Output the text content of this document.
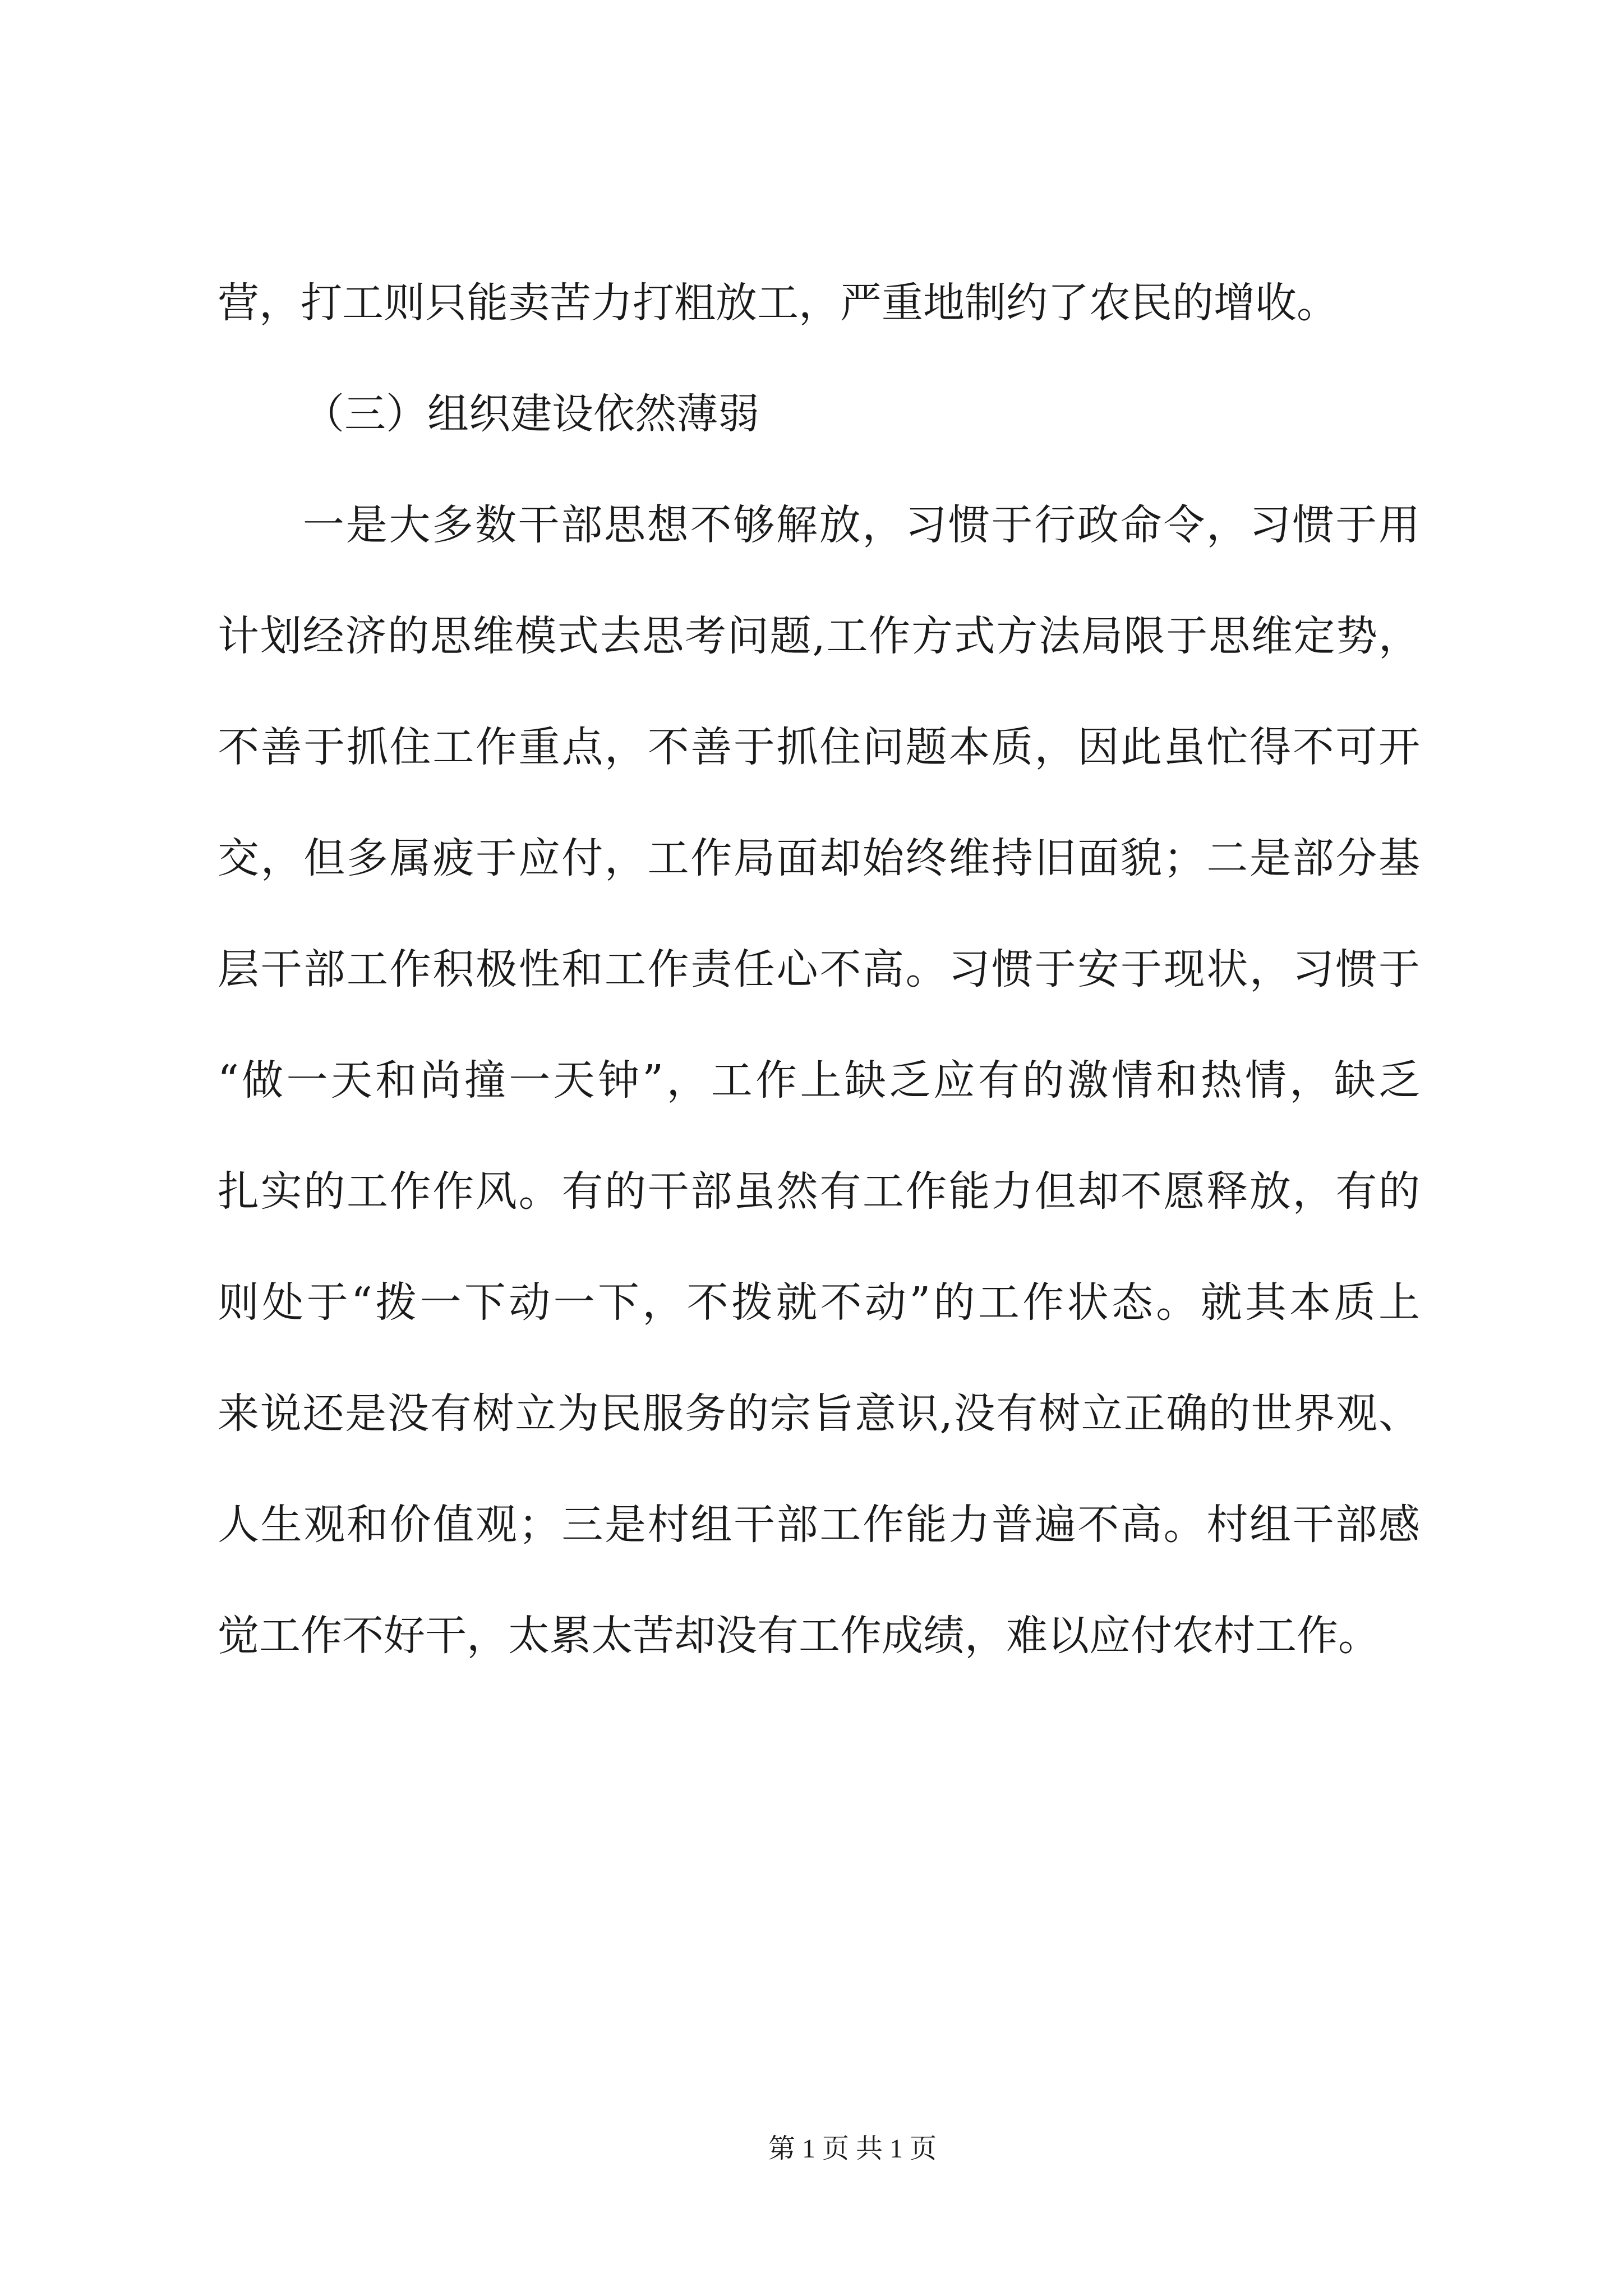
营，打工则只能卖苦力打粗放工，严重地制约了农民的增收。
（三）组织建设依然薄弱
一是大多数干部思想不够解放，习惯于行政命令，习惯于用
计划经济的思维模式去思考问题,工作方式方法局限于思维定势，
不善于抓住工作重点，不善于抓住问题本质，因此虽忙得不可开
交，但多属疲于应付，工作局面却始终维持旧面貌；二是部分基
层干部工作积极性和工作责任心不高。习惯于安于现状，习惯于
“做一天和尚撞一天钟”，工作上缺乏应有的激情和热情，缺乏
扎实的工作作风。有的干部虽然有工作能力但却不愿释放，有的
则处于“拨一下动一下，不拨就不动”的工作状态。就其本质上
来说还是没有树立为民服务的宗旨意识,没有树立正确的世界观、
人生观和价值观；三是村组干部工作能力普遍不高。村组干部感
觉工作不好干，太累太苦却没有工作成绩，难以应付农村工作。
第 1 页 共 1 页
